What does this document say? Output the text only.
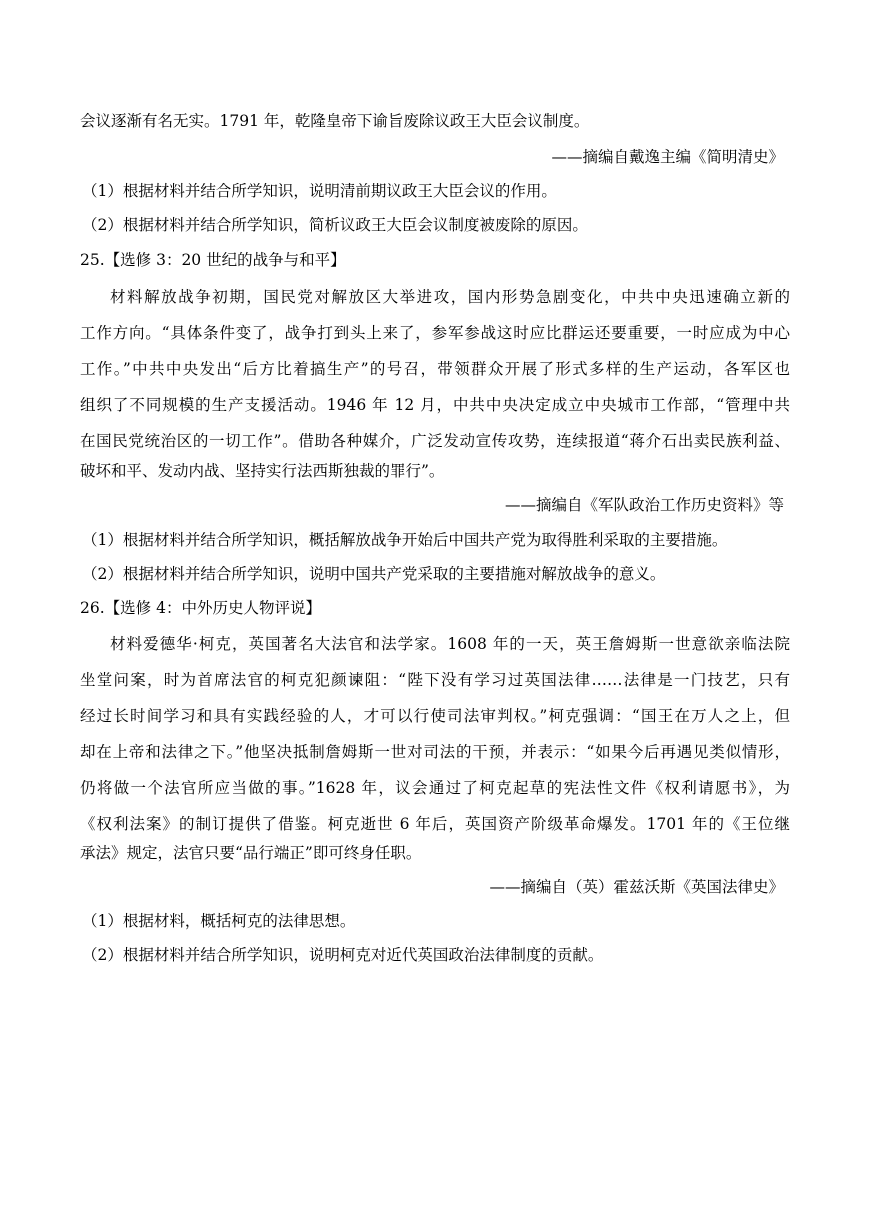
会议逐渐有名无实。1791 年，乾隆皇帝下谕旨废除议政王大臣会议制度。
——摘编自戴逸主编《简明清史》
（1）根据材料并结合所学知识，说明清前期议政王大臣会议的作用。
（2）根据材料并结合所学知识，简析议政王大臣会议制度被废除的原因。
25.【选修 3：20 世纪的战争与和平】
材料解放战争初期，国民党对解放区大举进攻，国内形势急剧变化，中共中央迅速确立新的
工作方向。“具体条件变了，战争打到头上来了，参军参战这时应比群运还要重要，一时应成为中心
工作。”中共中央发出“后方比着搞生产”的号召，带领群众开展了形式多样的生产运动，各军区也
组织了不同规模的生产支援活动。1946 年 12 月，中共中央决定成立中央城市工作部，“管理中共
在国民党统治区的一切工作”。借助各种媒介，广泛发动宣传攻势，连续报道“蒋介石出卖民族利益、
破坏和平、发动内战、坚持实行法西斯独裁的罪行”。
——摘编自《军队政治工作历史资料》等
（1）根据材料并结合所学知识，概括解放战争开始后中国共产党为取得胜利采取的主要措施。
（2）根据材料并结合所学知识，说明中国共产党采取的主要措施对解放战争的意义。
26.【选修 4：中外历史人物评说】
材料爱德华·柯克，英国著名大法官和法学家。1608 年的一天，英王詹姆斯一世意欲亲临法院
坐堂问案，时为首席法官的柯克犯颜谏阻：“陛下没有学习过英国法律……法律是一门技艺，只有
经过长时间学习和具有实践经验的人，才可以行使司法审判权。”柯克强调：“国王在万人之上，但
却在上帝和法律之下。”他坚决抵制詹姆斯一世对司法的干预，并表示：“如果今后再遇见类似情形，
仍将做一个法官所应当做的事。”1628 年，议会通过了柯克起草的宪法性文件《权利请愿书》，为
《权利法案》的制订提供了借鉴。柯克逝世 6 年后，英国资产阶级革命爆发。1701 年的《王位继
承法》规定，法官只要“品行端正”即可终身任职。
——摘编自（英）霍兹沃斯《英国法律史》
（1）根据材料，概括柯克的法律思想。
（2）根据材料并结合所学知识，说明柯克对近代英国政治法律制度的贡献。
